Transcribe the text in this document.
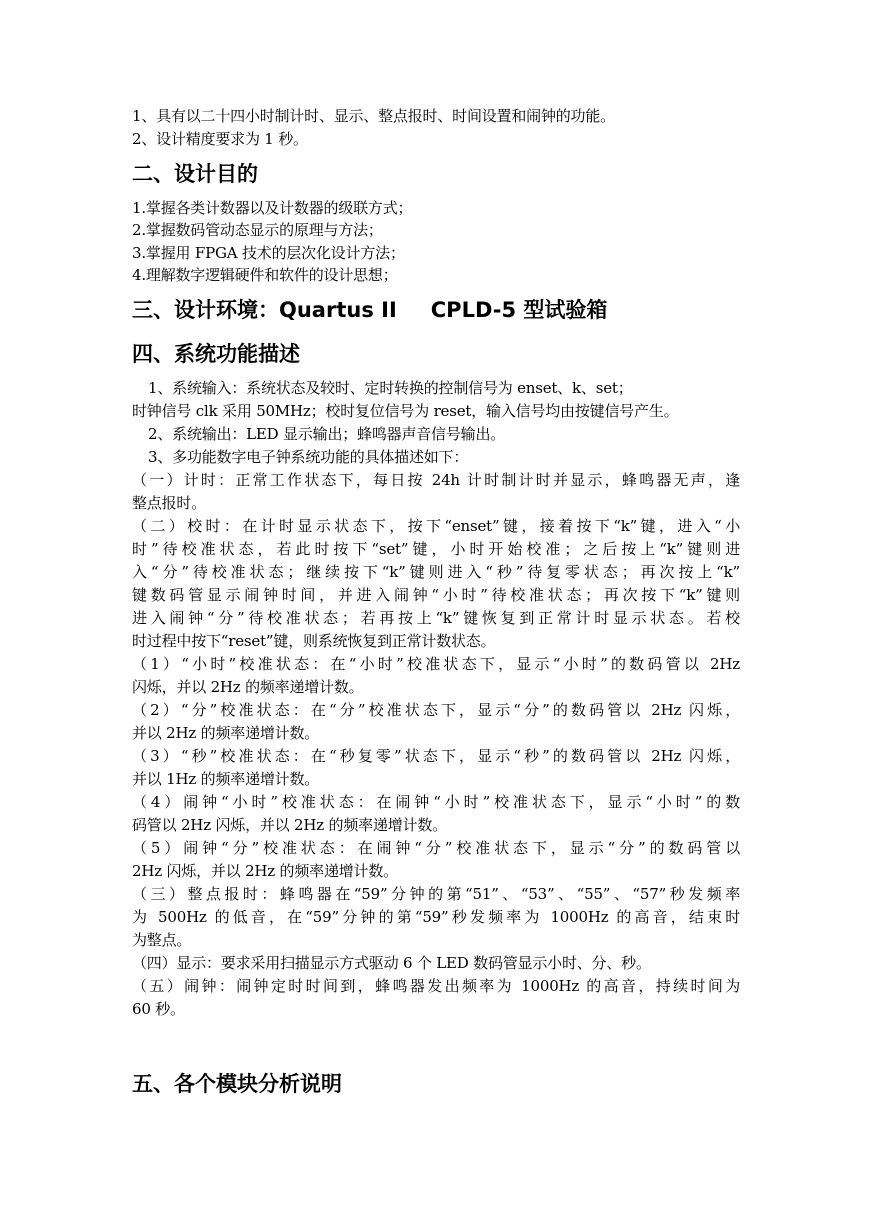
1、具有以二十四小时制计时、显示、整点报时、时间设置和闹钟的功能。
2、设计精度要求为 1 秒。
二、设计目的
1.掌握各类计数器以及计数器的级联方式；
2.掌握数码管动态显示的原理与方法；
3.掌握用 FPGA 技术的层次化设计方法；
4.理解数字逻辑硬件和软件的设计思想；
三、设计环境：Quartus II CPLD-5 型试验箱
四、系统功能描述
1、系统输入：系统状态及较时、定时转换的控制信号为 enset、k、set；
时钟信号 clk 采用 50MHz；校时复位信号为 reset，输入信号均由按键信号产生。
2、系统输出：LED 显示输出；蜂鸣器声音信号输出。
3、多功能数字电子钟系统功能的具体描述如下：
（一）计时：正常工作状态下，每日按 24h 计时制计时并显示，蜂鸣器无声，逢
整点报时。
（二）校时：在计时显示状态下，按下“enset”键，接着按下“k”键，进入“小
时”待校准状态，若此时按下“set”键，小时开始校准；之后按上“k”键则进
入“分”待校准状态；继续按下“k”键则进入“秒”待复零状态；再次按上“k”
键数码管显示闹钟时间，并进入闹钟“小时”待校准状态；再次按下“k”键则
进入闹钟“分”待校准状态；若再按上“k”键恢复到正常计时显示状态。若校
时过程中按下“reset”键，则系统恢复到正常计数状态。
（1）“小时”校准状态：在“小时”校准状态下，显示“小时”的数码管以 2Hz
闪烁，并以 2Hz 的频率递增计数。
（2）“分”校准状态：在“分”校准状态下，显示“分”的数码管以 2Hz 闪烁，
并以 2Hz 的频率递增计数。
（3）“秒”校准状态：在“秒复零”状态下，显示“秒”的数码管以 2Hz 闪烁，
并以 1Hz 的频率递增计数。
（4）闹钟“小时”校准状态：在闹钟“小时”校准状态下，显示“小时”的数
码管以 2Hz 闪烁，并以 2Hz 的频率递增计数。
（5）闹钟“分”校准状态：在闹钟“分”校准状态下，显示“分”的数码管以
2Hz 闪烁，并以 2Hz 的频率递增计数。
（三）整点报时：蜂鸣器在“59”分钟的第“51”、“53”、“55”、“57”秒发频率
为 500Hz 的低音，在“59”分钟的第“59”秒发频率为 1000Hz 的高音，结束时
为整点。
（四）显示：要求采用扫描显示方式驱动 6 个 LED 数码管显示小时、分、秒。
（五）闹钟：闹钟定时时间到，蜂鸣器发出频率为 1000Hz 的高音，持续时间为
60 秒。
五、各个模块分析说明
